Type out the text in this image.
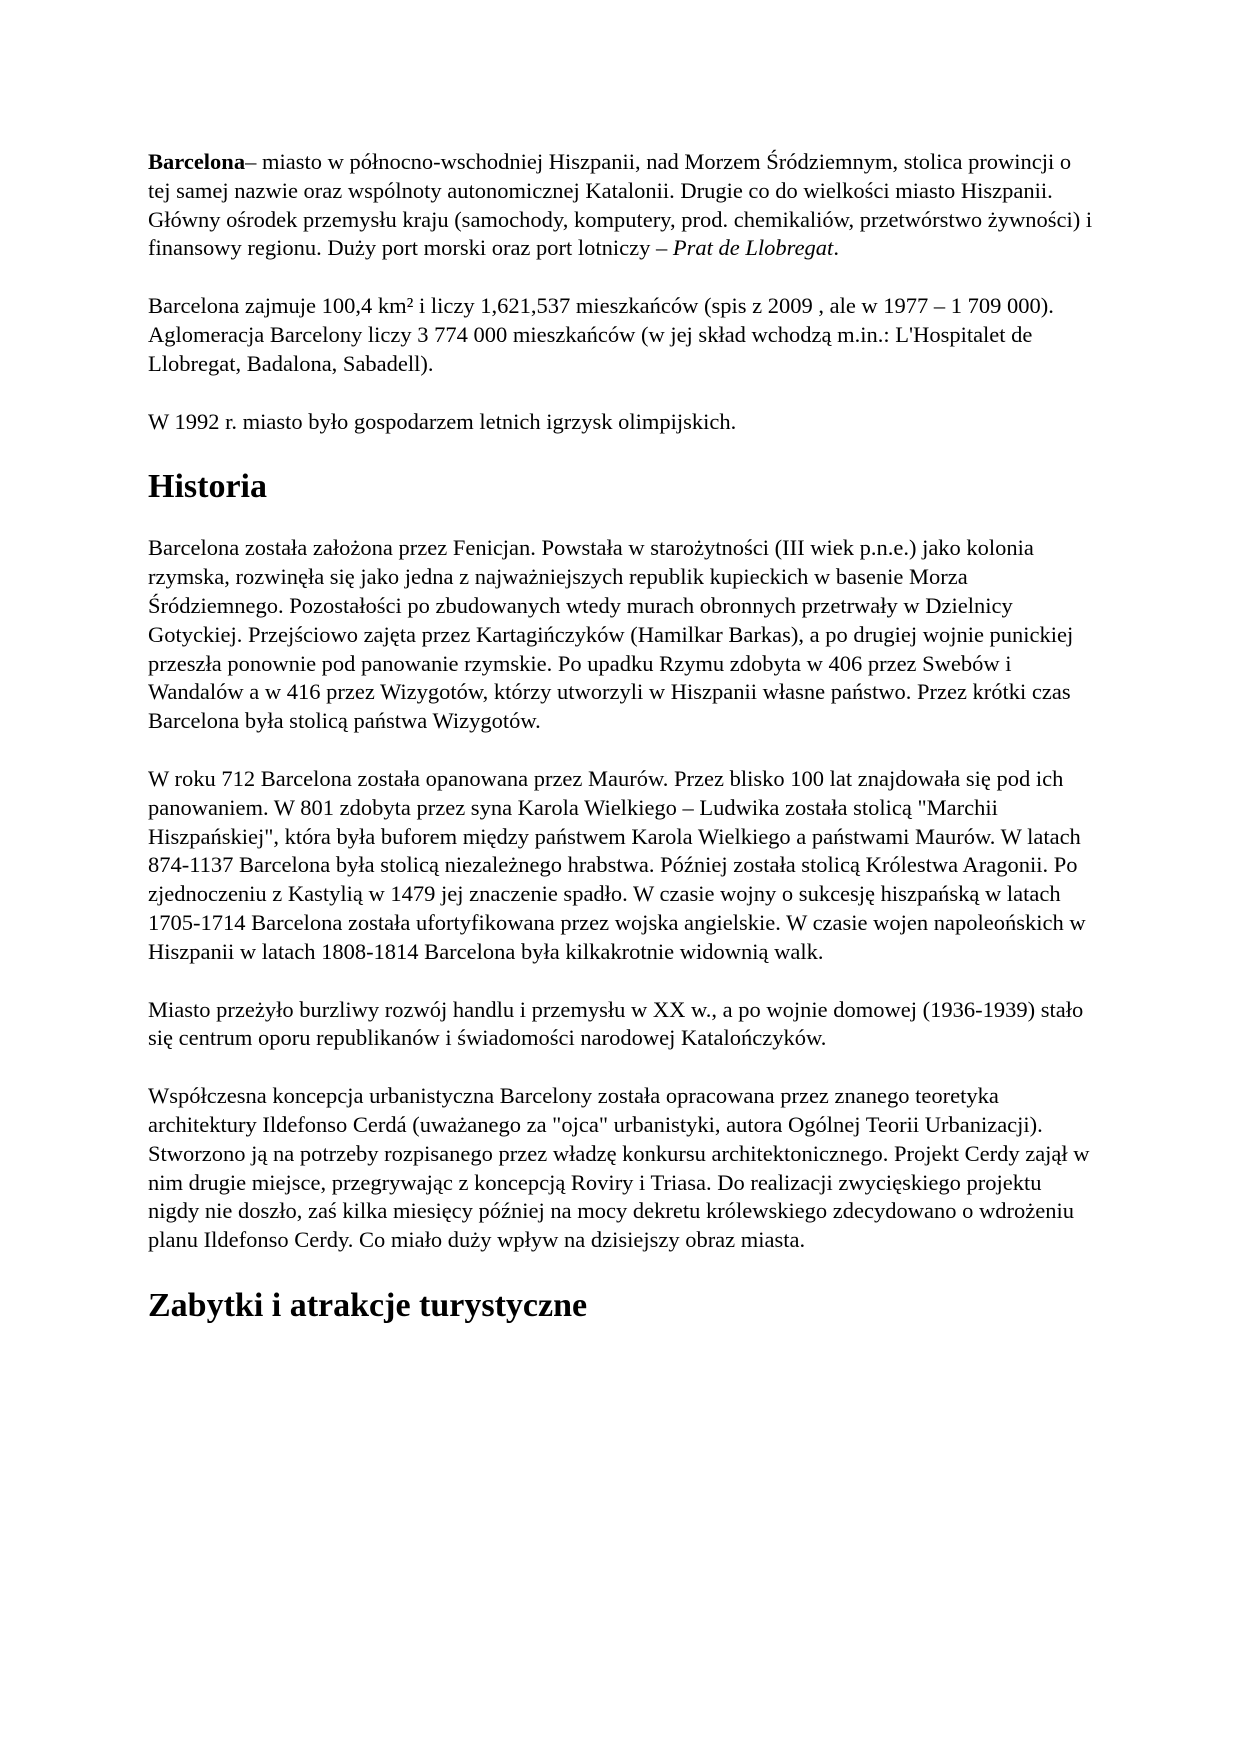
Barcelona– miasto w północno-wschodniej Hiszpanii, nad Morzem Śródziemnym, stolica prowincji o tej samej nazwie oraz wspólnoty autonomicznej Katalonii. Drugie co do wielkości miasto Hiszpanii. Główny ośrodek przemysłu kraju (samochody, komputery, prod. chemikaliów, przetwórstwo żywności) i finansowy regionu. Duży port morski oraz port lotniczy – Prat de Llobregat.

Barcelona zajmuje 100,4 km² i liczy 1,621,537 mieszkańców (spis z 2009 , ale w 1977 – 1 709 000). Aglomeracja Barcelony liczy 3 774 000 mieszkańców (w jej skład wchodzą m.in.: L'Hospitalet de Llobregat, Badalona, Sabadell).

W 1992 r. miasto było gospodarzem letnich igrzysk olimpijskich.

Historia

Barcelona została założona przez Fenicjan. Powstała w starożytności (III wiek p.n.e.) jako kolonia rzymska, rozwinęła się jako jedna z najważniejszych republik kupieckich w basenie Morza Śródziemnego. Pozostałości po zbudowanych wtedy murach obronnych przetrwały w Dzielnicy Gotyckiej. Przejściowo zajęta przez Kartagińczyków (Hamilkar Barkas), a po drugiej wojnie punickiej przeszła ponownie pod panowanie rzymskie. Po upadku Rzymu zdobyta w 406 przez Swebów i Wandalów a w 416 przez Wizygotów, którzy utworzyli w Hiszpanii własne państwo. Przez krótki czas Barcelona była stolicą państwa Wizygotów.

W roku 712 Barcelona została opanowana przez Maurów. Przez blisko 100 lat znajdowała się pod ich panowaniem. W 801 zdobyta przez syna Karola Wielkiego – Ludwika została stolicą "Marchii Hiszpańskiej", która była buforem między państwem Karola Wielkiego a państwami Maurów. W latach 874-1137 Barcelona była stolicą niezależnego hrabstwa. Później została stolicą Królestwa Aragonii. Po zjednoczeniu z Kastylią w 1479 jej znaczenie spadło. W czasie wojny o sukcesję hiszpańską w latach 1705-1714 Barcelona została ufortyfikowana przez wojska angielskie. W czasie wojen napoleońskich w Hiszpanii w latach 1808-1814 Barcelona była kilkakrotnie widownią walk.

Miasto przeżyło burzliwy rozwój handlu i przemysłu w XX w., a po wojnie domowej (1936-1939) stało się centrum oporu republikanów i świadomości narodowej Katalończyków.

Współczesna koncepcja urbanistyczna Barcelony została opracowana przez znanego teoretyka architektury Ildefonso Cerdá (uważanego za "ojca" urbanistyki, autora Ogólnej Teorii Urbanizacji). Stworzono ją na potrzeby rozpisanego przez władzę konkursu architektonicznego. Projekt Cerdy zajął w nim drugie miejsce, przegrywając z koncepcją Roviry i Triasa. Do realizacji zwycięskiego projektu nigdy nie doszło, zaś kilka miesięcy później na mocy dekretu królewskiego zdecydowano o wdrożeniu planu Ildefonso Cerdy. Co miało duży wpływ na dzisiejszy obraz miasta.

Zabytki i atrakcje turystyczne
